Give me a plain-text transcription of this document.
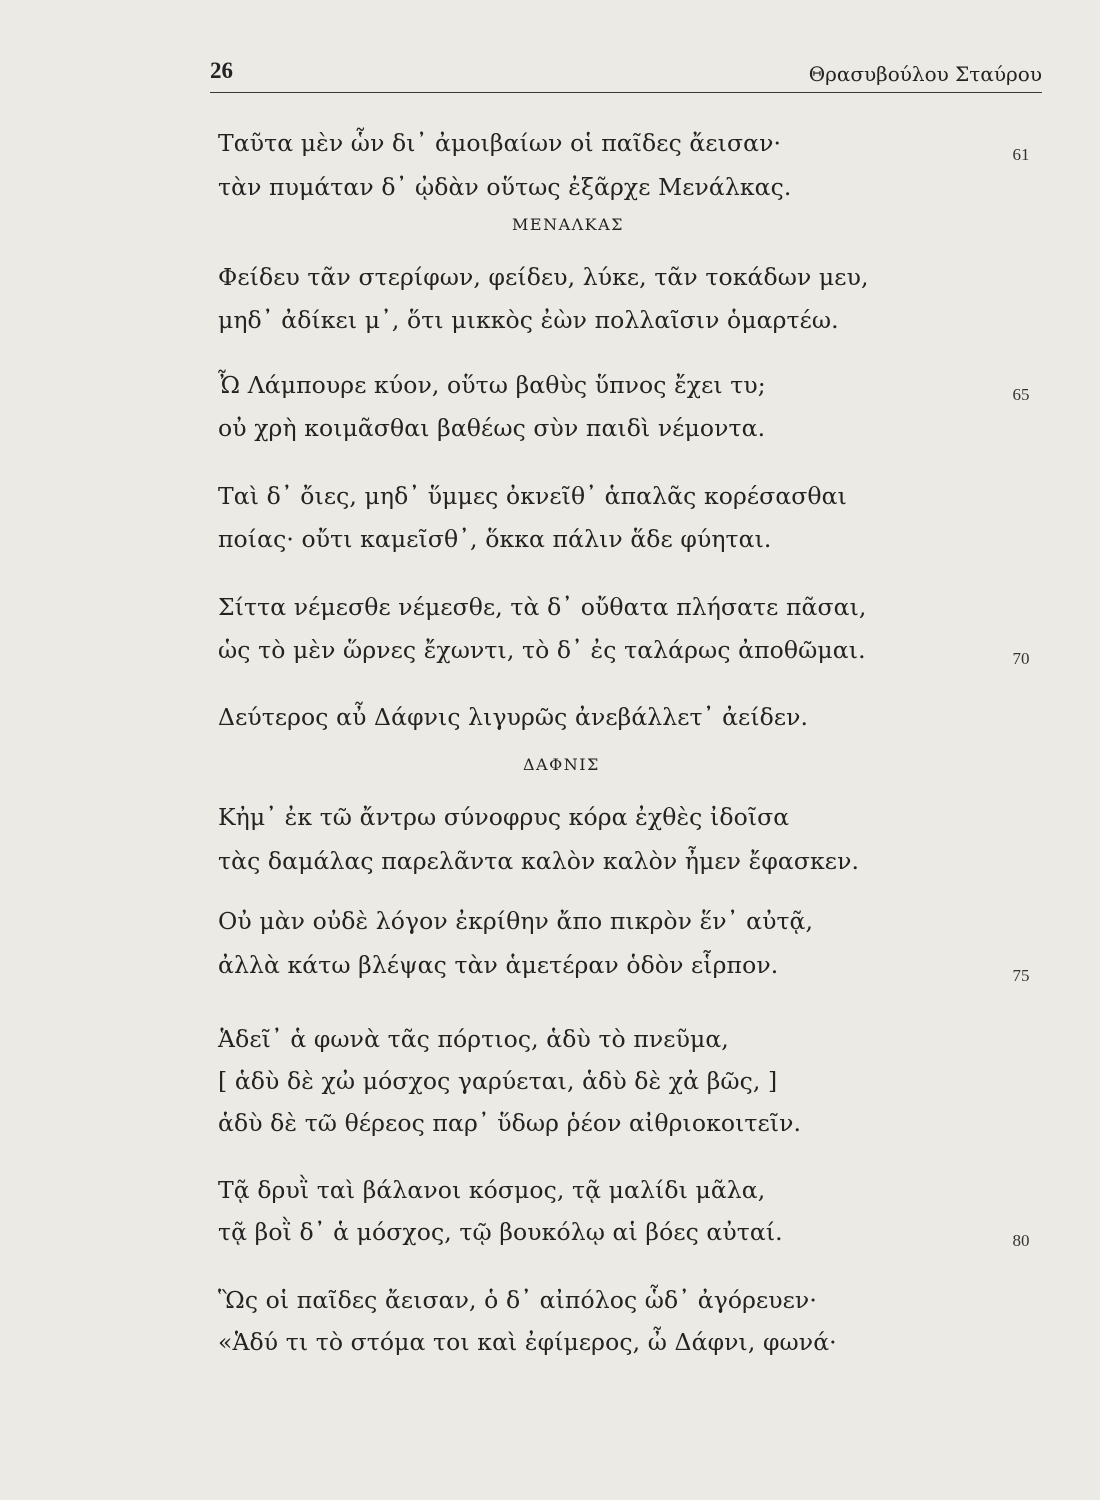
26	Θρασυβούλου Σταύρου
Ταῦτα μὲν ὧν δι᾽ ἀμοιβαίων οἱ παῖδες ἄεισαν·
τὰν πυμάταν δ᾽ ᾠδὰν οὕτως ἐξᾶρχε Μενάλκας.
ΜΕΝΑΛΚΑΣ
Φείδευ τᾶν στερίφων, φείδευ, λύκε, τᾶν τοκάδων μευ,
μηδ᾽ ἀδίκει μ᾽, ὅτι μικκὸς ἐὼν πολλαῖσιν ὁμαρτέω.
Ὦ Λάμπουρε κύον, οὕτω βαθὺς ὕπνος ἔχει τυ;
οὐ χρὴ κοιμᾶσθαι βαθέως σὺν παιδὶ νέμοντα.
Ταὶ δ᾽ ὄιες, μηδ᾽ ὕμμες ὀκνεῖθ᾽ ἁπαλᾶς κορέσασθαι
ποίας· οὔτι καμεῖσθ᾽, ὅκκα πάλιν ἅδε φύηται.
Σίττα νέμεσθε νέμεσθε, τὰ δ᾽ οὔθατα πλήσατε πᾶσαι,
ὡς τὸ μὲν ὥρνες ἔχωντι, τὸ δ᾽ ἐς ταλάρως ἀποθῶμαι.
Δεύτερος αὖ Δάφνις λιγυρῶς ἀνεβάλλετ᾽ ἀείδεν.
ΔΑΦΝΙΣ
Κἠμ᾽ ἐκ τῶ ἄντρω σύνοφρυς κόρα ἐχθὲς ἰδοῖσα
τὰς δαμάλας παρελᾶντα καλὸν καλὸν ἦμεν ἔφασκεν.
Οὐ μὰν οὐδὲ λόγον ἐκρίθην ἄπο πικρὸν ἕν᾽ αὐτᾷ,
ἀλλὰ κάτω βλέψας τὰν ἁμετέραν ὁδὸν εἷρπον.
Ἁδεῖ᾽ ἁ φωνὰ τᾶς πόρτιος, ἁδὺ τὸ πνεῦμα,
[ ἁδὺ δὲ χὠ μόσχος γαρύεται, ἁδὺ δὲ χἀ βῶς, ]
ἁδὺ δὲ τῶ θέρεος παρ᾽ ὕδωρ ῥέον αἰθριοκοιτεῖν.
Τᾷ δρυῒ ταὶ βάλανοι κόσμος, τᾷ μαλίδι μᾶλα,
τᾷ βοῒ δ᾽ ἁ μόσχος, τῷ βουκόλῳ αἱ βόες αὐταί.
Ὣς οἱ παῖδες ἄεισαν, ὁ δ᾽ αἰπόλος ὧδ᾽ ἀγόρευεν·
«Ἁδύ τι τὸ στόμα τοι καὶ ἐφίμερος, ὦ Δάφνι, φωνά·
61
65
70
75
80
